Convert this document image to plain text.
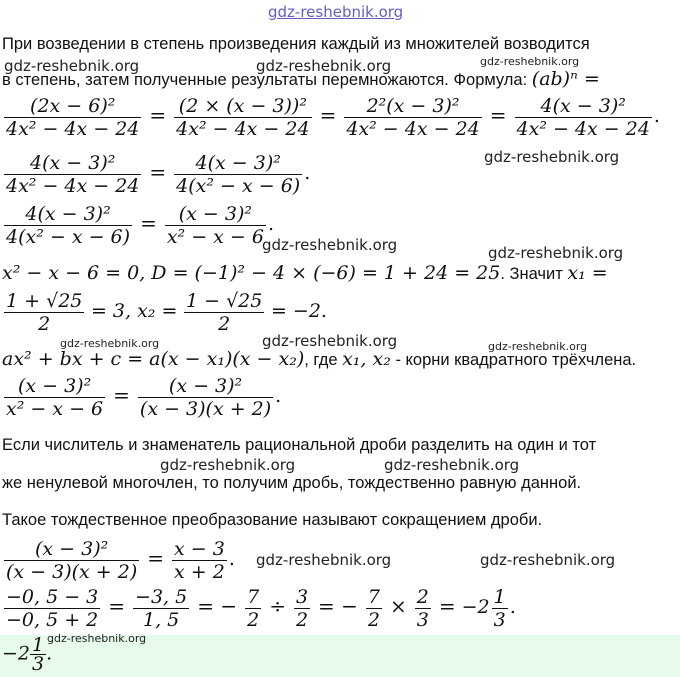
gdz-reshebnik.org
При возведении в степень произведения каждый из множителей возводится
в степень, затем полученные результаты перемножаются. Формула: (ab)ⁿ =
$\frac{\text{(2x − 6)²}}{\text{4x² − 4x − 24}} = \frac{\text{(2 × (x − 3))²}}{\text{4x² − 4x − 24}} = \frac{\text{2²(x − 3)²}}{\text{4x² − 4x − 24}} = \frac{\text{4(x − 3)²}}{\text{4x² − 4x − 24}}$ .
$\frac{\text{4(x − 3)²}}{\text{4x² − 4x − 24}} = \frac{\text{4(x − 3)²}}{\text{4(x² − x − 6)}}$ .
$\frac{\text{4(x − 3)²}}{\text{4(x² − x − 6)}} = \frac{\text{(x − 3)²}}{\text{x² − x − 6}}$ .
x² − x − 6 = 0, D = (−1)² − 4 × (−6) = 1 + 24 = 25. Значит x₁ =
$\frac{1 + √25}{2} = 3$, $x_2 = \frac{1 - √25}{2} = -2$.
ax² + bx + c = a(x − x₁)(x − x₂), где x₁, x₂ - корни квадратного трёхчлена.
$\frac{\text{(x − 3)²}}{\text{x² − x − 6}} = \frac{\text{(x − 3)²}}{(x - 3)(x + 2)}$ .
Если числитель и знаменатель рациональной дроби разделить на один и тот
же ненулевой многочлен, то получим дробь, тождественно равную данной.
Такое тождественное преобразование называют сокращением дроби.
$\frac{\text{(x − 3)²}}{(x - 3)(x + 2)} = \frac{x - 3}{x + 2}$ .
$\frac{-0, 5 - 3}{-0, 5 + 2} = \frac{-3, 5}{1, 5}$ = − $\frac{7}{2} \div \frac{3}{2}$ = − $\frac{7}{2} \times \frac{2}{3} = -2 \frac{1}{3}$ .
$-2 \frac{1}{3}$ .
gdz-reshebnik.org	gdz-reshebnik.org	gdz-reshebnik.org
gdz-reshebnik.org
gdz-reshebnik.org	gdz-reshebnik.org
gdz-reshebnik.org	gdz-reshebnik.org	gdz-reshebnik.org
gdz-reshebnik.org	gdz-reshebnik.org
gdz-reshebnik.org	gdz-reshebnik.org
gdz-reshebnik.org
